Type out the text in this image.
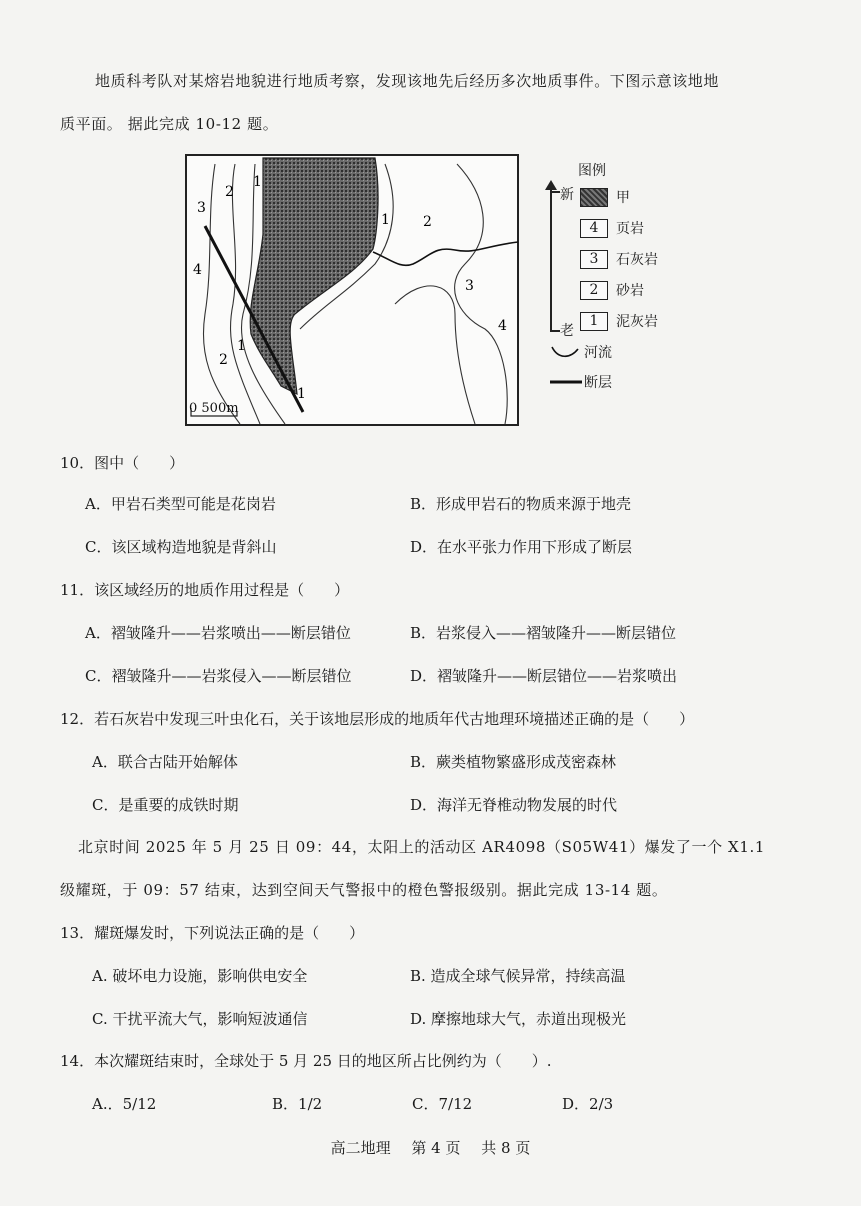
地质科考队对某熔岩地貌进行地质考察，发现该地先后经历多次地质事件。下图示意该地地
质平面。 据此完成 10-12 题。
0 500m
3
2
1
4
2
1
1
1 2
3
4
图例
新
老
甲
4	页岩
3	石灰岩
2	砂岩
1	泥灰岩
河流
断层
10．图中（　　）
A．甲岩石类型可能是花岗岩	B．形成甲岩石的物质来源于地壳
C．该区域构造地貌是背斜山	D．在水平张力作用下形成了断层
11．该区域经历的地质作用过程是（　　）
A．褶皱隆升——岩浆喷出——断层错位	B．岩浆侵入——褶皱隆升——断层错位
C．褶皱隆升——岩浆侵入——断层错位	D．褶皱隆升——断层错位——岩浆喷出
12．若石灰岩中发现三叶虫化石，关于该地层形成的地质年代古地理环境描述正确的是（　　）
A．联合古陆开始解体	B．蕨类植物繁盛形成茂密森林
C．是重要的成铁时期	D．海洋无脊椎动物发展的时代
北京时间 2025 年 5 月 25 日 09：44，太阳上的活动区 AR4098（S05W41）爆发了一个 X1.1
级耀斑，于 09：57 结束，达到空间天气警报中的橙色警报级别。据此完成 13-14 题。
13．耀斑爆发时，下列说法正确的是（　　）
A. 破坏电力设施，影响供电安全	B. 造成全球气候异常，持续高温
C. 干扰平流大气，影响短波通信	D. 摩擦地球大气，赤道出现极光
14．本次耀斑结束时，全球处于 5 月 25 日的地区所占比例约为（　　）.
A.．5/12	B．1/2	C．7/12	D．2/3
高二地理 第 4 页 共 8 页
